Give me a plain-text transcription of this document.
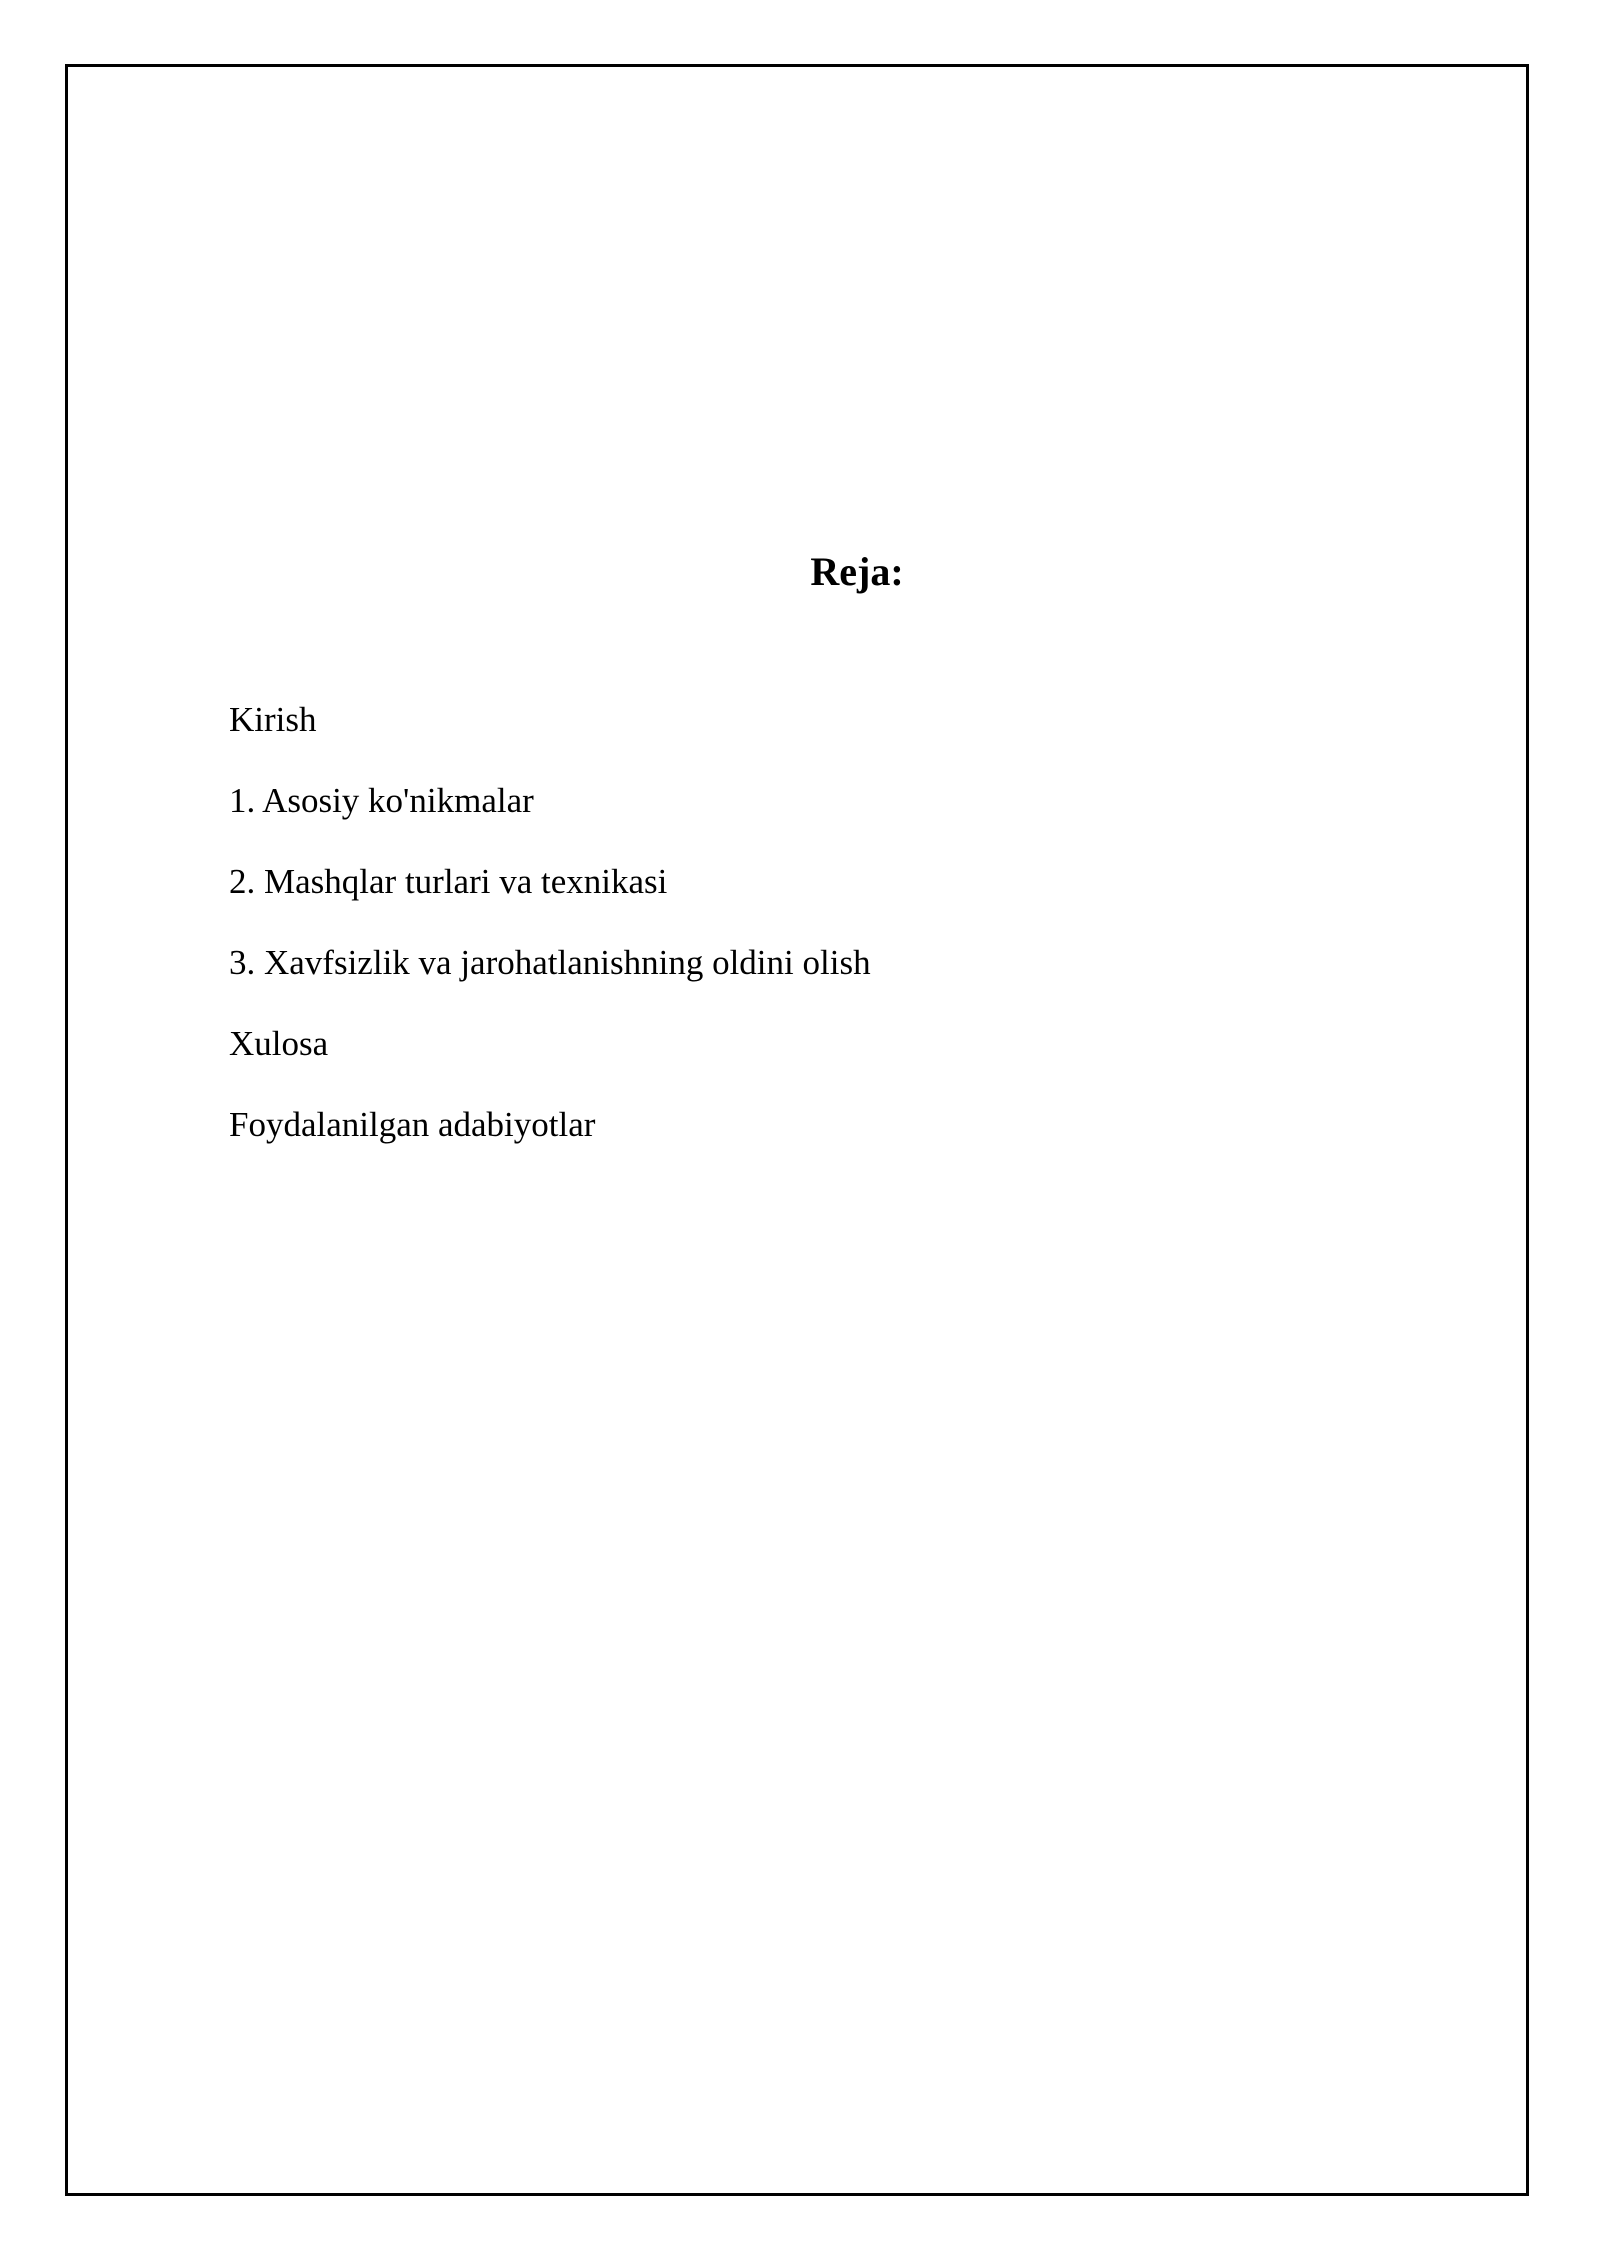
Reja:
Kirish
1. Asosiy ko'nikmalar
2. Mashqlar turlari va texnikasi
3. Xavfsizlik va jarohatlanishning oldini olish
Xulosa
Foydalanilgan adabiyotlar
